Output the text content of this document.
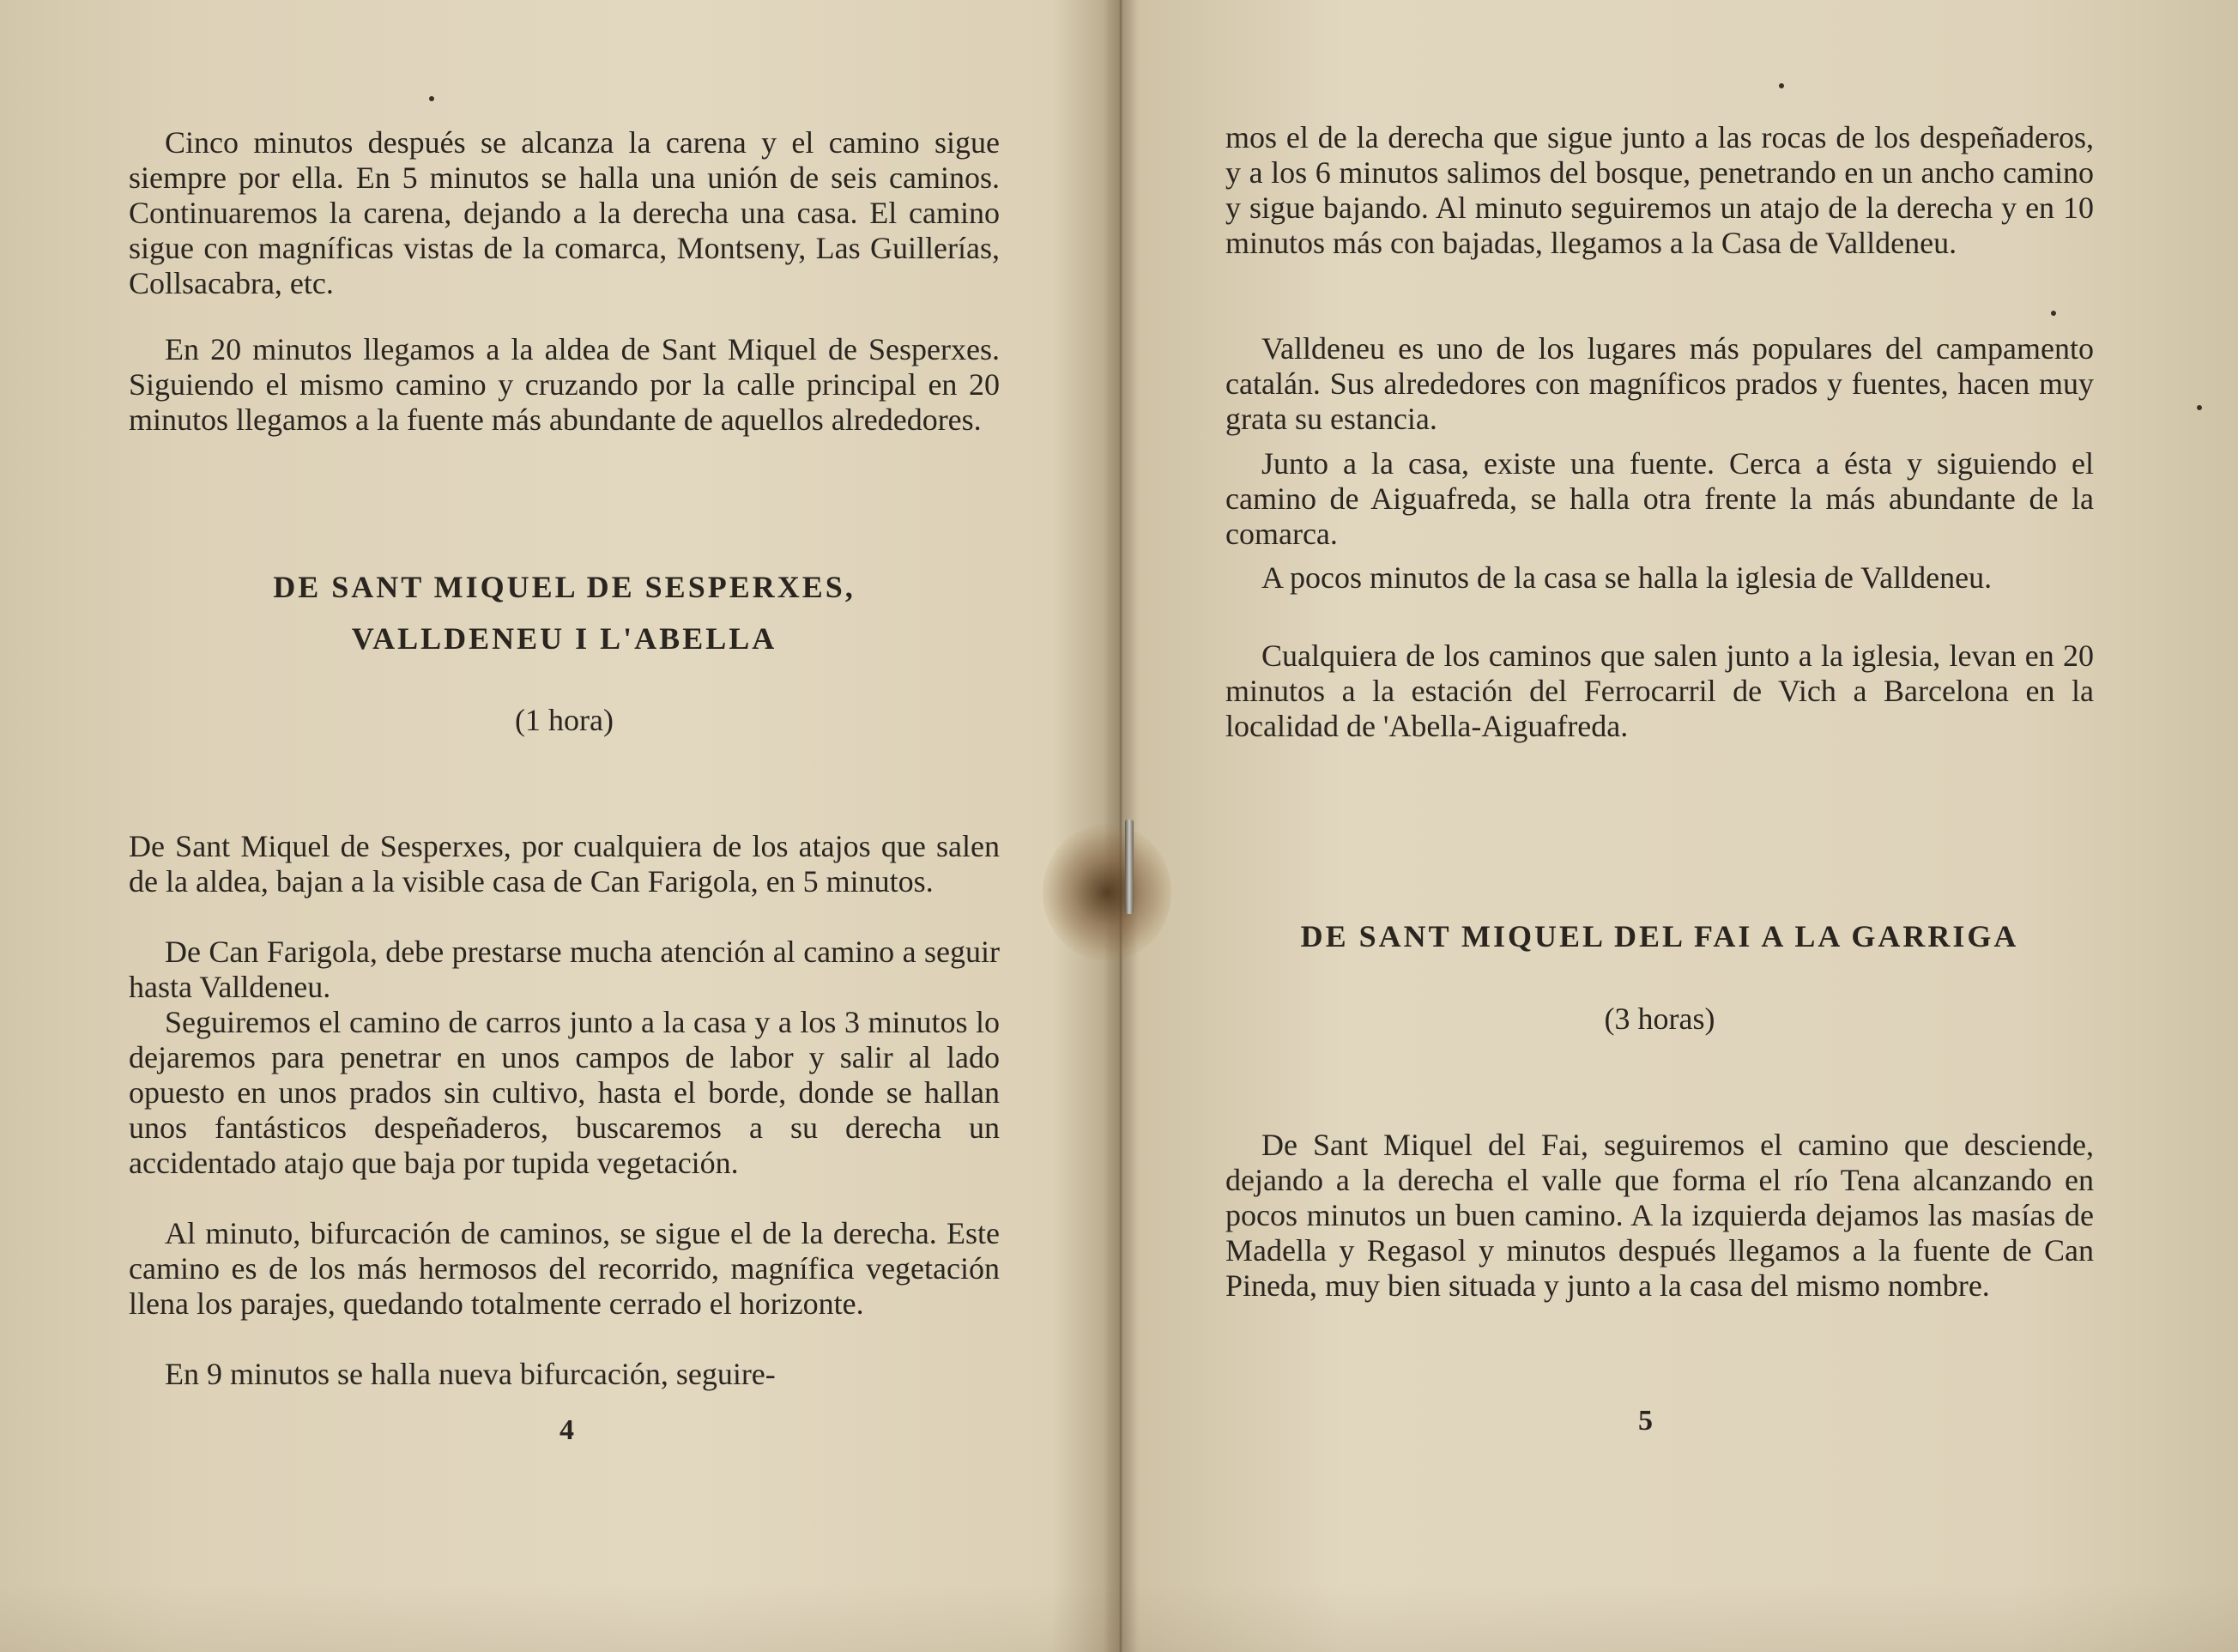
Cinco minutos después se alcanza la carena y el camino sigue siempre por ella. En 5 minutos se halla una unión de seis caminos. Continuaremos la carena, dejando a la derecha una casa. El camino sigue con magníficas vistas de la comarca, Montseny, Las Guillerías, Collsacabra, etc.

En 20 minutos llegamos a la aldea de Sant Miquel de Sesperxes. Siguiendo el mismo camino y cruzando por la calle principal en 20 minutos llegamos a la fuente más abundante de aquellos alrededores.

DE SANT MIQUEL DE SESPERXES,
VALLDENEU I L'ABELLA

(1 hora)

De Sant Miquel de Sesperxes, por cualquiera de los atajos que salen de la aldea, bajan a la visible casa de Can Farigola, en 5 minutos.

De Can Farigola, debe prestarse mucha atención al camino a seguir hasta Valldeneu.

Seguiremos el camino de carros junto a la casa y a los 3 minutos lo dejaremos para penetrar en unos campos de labor y salir al lado opuesto en unos prados sin cultivo, hasta el borde, donde se hallan unos fantásticos despeñaderos, buscaremos a su derecha un accidentado atajo que baja por tupida vegetación.

Al minuto, bifurcación de caminos, se sigue el de la derecha. Este camino es de los más hermosos del recorrido, magnífica vegetación llena los parajes, quedando totalmente cerrado el horizonte.

En 9 minutos se halla nueva bifurcación, seguire-

4

mos el de la derecha que sigue junto a las rocas de los despeñaderos, y a los 6 minutos salimos del bosque, penetrando en un ancho camino y sigue bajando. Al minuto seguiremos un atajo de la derecha y en 10 minutos más con bajadas, llegamos a la Casa de Valldeneu.

Valldeneu es uno de los lugares más populares del campamento catalán. Sus alrededores con magníficos prados y fuentes, hacen muy grata su estancia.

Junto a la casa, existe una fuente. Cerca a ésta y siguiendo el camino de Aiguafreda, se halla otra frente la más abundante de la comarca.

A pocos minutos de la casa se halla la iglesia de Valldeneu.

Cualquiera de los caminos que salen junto a la iglesia, levan en 20 minutos a la estación del Ferrocarril de Vich a Barcelona en la localidad de 'Abella-Aiguafreda.

DE SANT MIQUEL DEL FAI A LA GARRIGA

(3 horas)

De Sant Miquel del Fai, seguiremos el camino que desciende, dejando a la derecha el valle que forma el río Tena alcanzando en pocos minutos un buen camino. A la izquierda dejamos las masías de Madella y Regasol y minutos después llegamos a la fuente de Can Pineda, muy bien situada y junto a la casa del mismo nombre.

5
